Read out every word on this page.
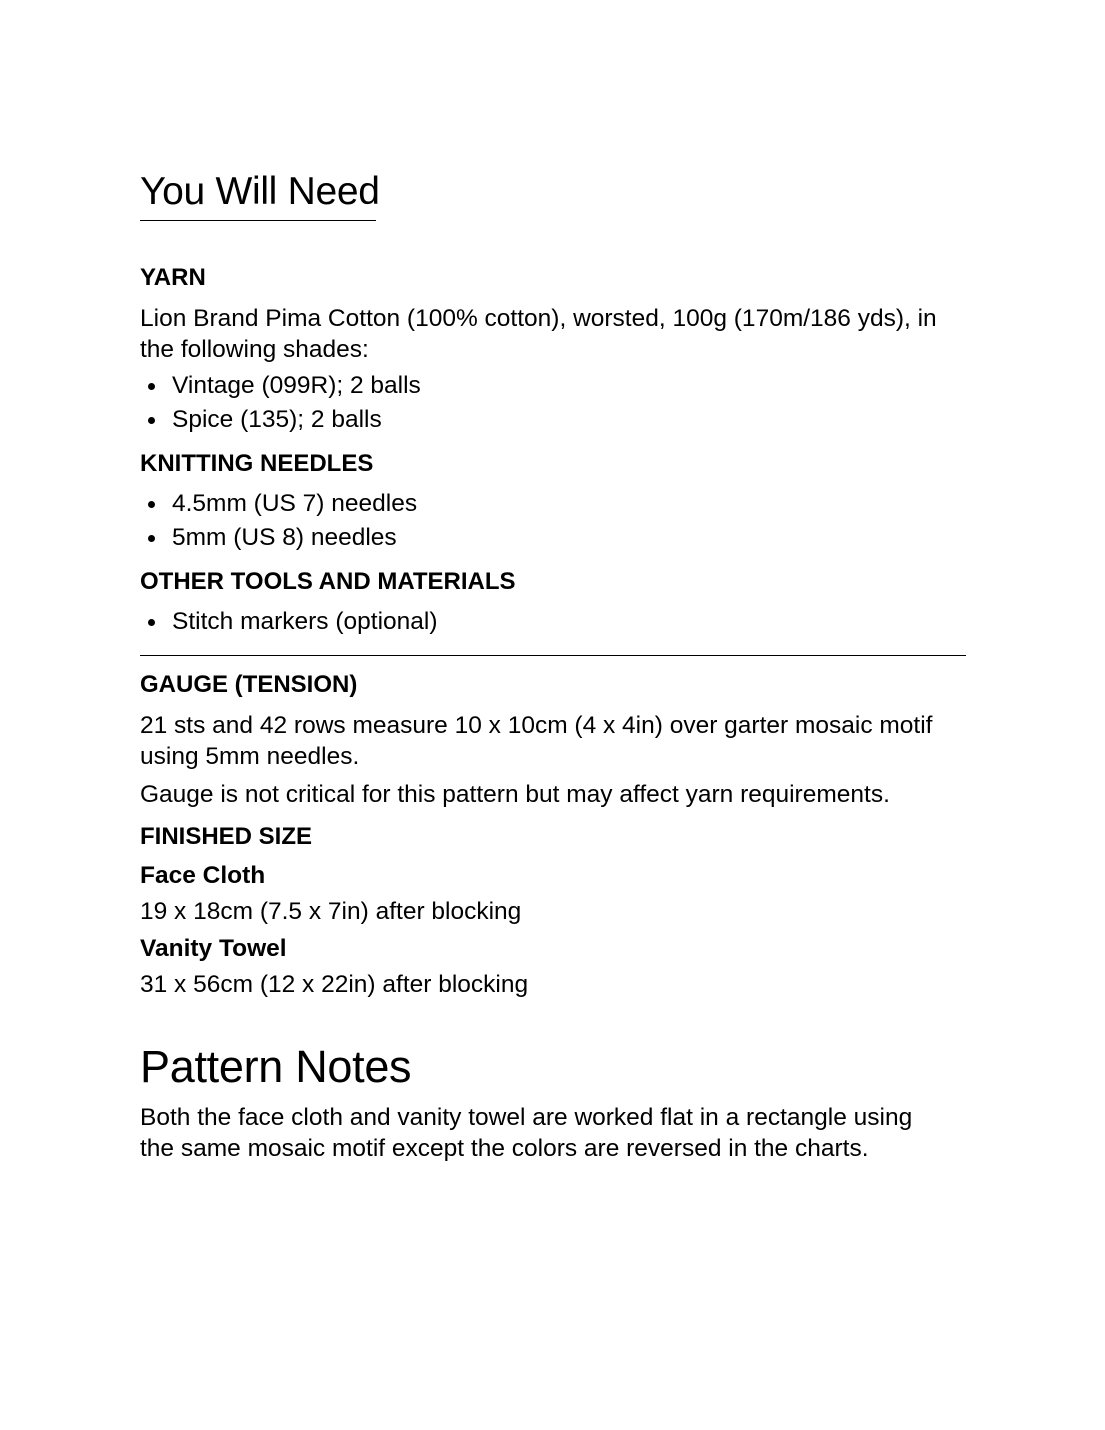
You Will Need
YARN

Lion Brand Pima Cotton (100% cotton), worsted, 100g (170m/186 yds), in the following shades:

Vintage (099R); 2 balls
Spice (135); 2 balls
KNITTING NEEDLES
4.5mm (US 7) needles
5mm (US 8) needles
OTHER TOOLS AND MATERIALS
Stitch markers (optional)
GAUGE (TENSION)

21 sts and 42 rows measure 10 x 10cm (4 x 4in) over garter mosaic motif using 5mm needles.

Gauge is not critical for this pattern but may affect yarn requirements.

FINISHED SIZE

Face Cloth

19 x 18cm (7.5 x 7in) after blocking

Vanity Towel

31 x 56cm (12 x 22in) after blocking

Pattern Notes

Both the face cloth and vanity towel are worked flat in a rectangle using the same mosaic motif except the colors are reversed in the charts.
